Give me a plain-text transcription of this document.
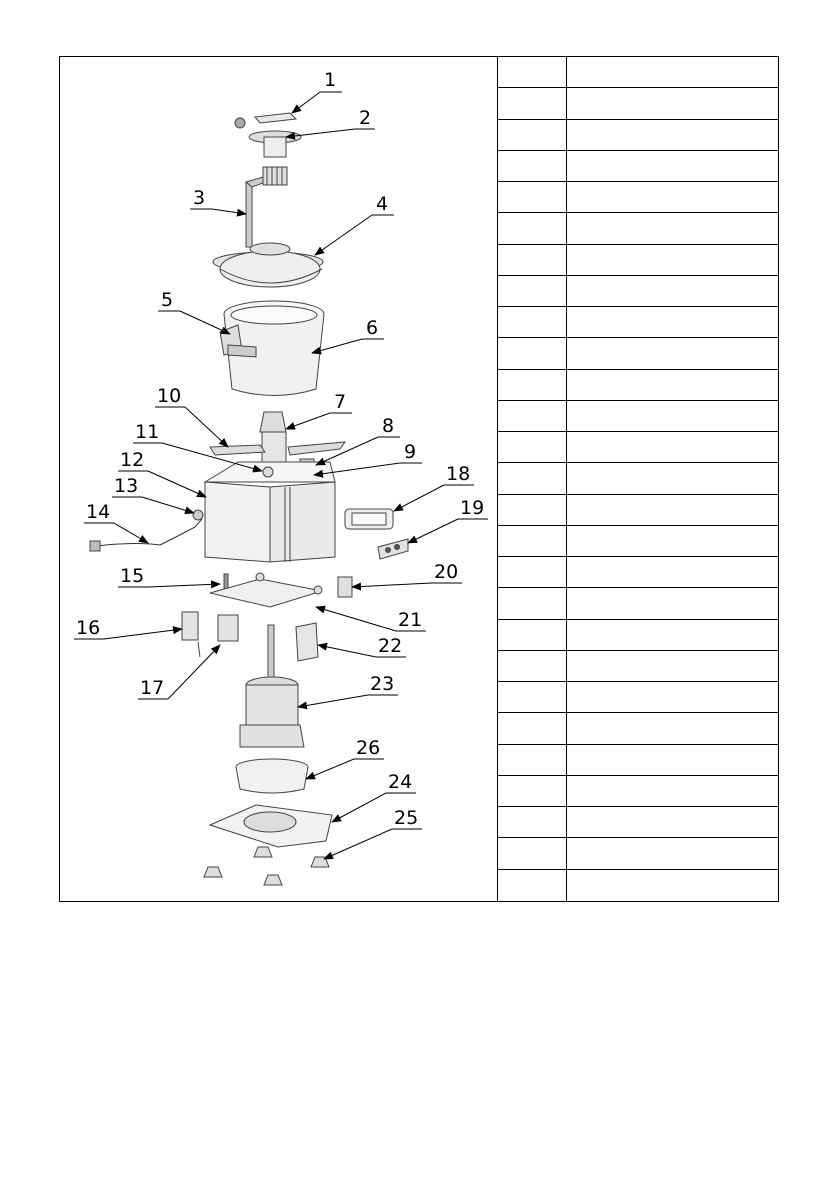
1
2
3	4
5
6
7
8
9
10
11
12
13
14
15
16
17
18
19
20
21
22
23
24
25
26
